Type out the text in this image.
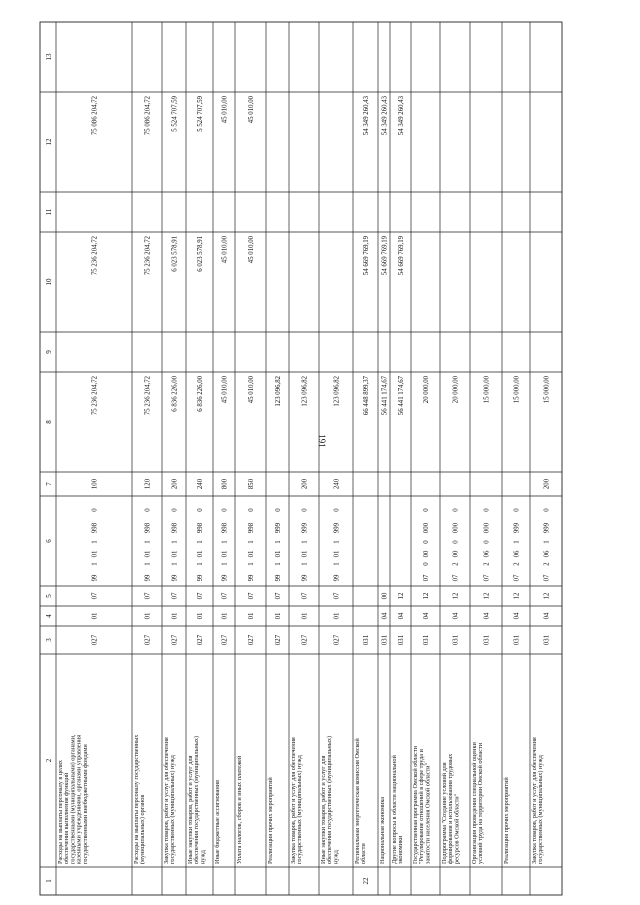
191
1
2
3
4
5
6
7
8
9
10
11
12
13
Расходы на выплаты персоналу в целях обеспечения выполнения функций государственными (муниципальными) органами, казенными учреждениями, органами управления государственными внебюджетными фондами
027
01
07
100
99
1
01
1
998
0
75 236 204,72
75 236 204,72
75 086 204,72
Расходы на выплаты персоналу государственных (муниципальных) органов
027
01
07
120
99
1
01
1
998
0
75 236 204,72
75 236 204,72
75 086 204,72
Закупка товаров, работ и услуг для обеспечения государственных (муниципальных) нужд
027
01
07
200
99
1
01
1
998
0
6 836 226,00
6 023 578,91
5 524 707,59
Иные закупки товаров, работ и услуг для обеспечения государственных (муниципальных) нужд
027
01
07
240
99
1
01
1
998
0
6 836 226,00
6 023 578,91
5 524 707,59
Иные бюджетные ассигнования
027
01
07
800
99
1
01
1
998
0
45 010,00
45 010,00
45 010,00
Уплата налогов, сборов и иных платежей
027
01
07
850
99
1
01
1
998
0
45 010,00
45 010,00
45 010,00
Реализация прочих мероприятий
027
01
07
99
1
01
1
999
0
123 096,82
Закупка товаров, работ и услуг для обеспечения государственных (муниципальных) нужд
027
01
07
200
99
1
01
1
999
0
123 096,82
Иные закупки товаров, работ и услуг для обеспечения государственных (муниципальных) нужд
027
01
07
240
99
1
01
1
999
0
123 096,82
Региональная энергетическая комиссия Омской области
22
031
66 448 899,37
54 669 769,19
54 349 260,43
Национальная экономика
031
04
00
56 441 174,67
54 669 769,19
54 349 260,43
Другие вопросы в области национальной экономики
031
04
12
56 441 174,67
54 669 769,19
54 349 260,43
Государственная программа Омской области "Регулирование отношений в сфере труда и занятости населения Омской области"
031
04
12
07
0
00
0
000
0
20 000,00
Подпрограмма "Создание условий для формирования и использования трудовых ресурсов Омской области"
031
04
12
07
2
00
0
000
0
20 000,00
Организация проведения специальной оценки условий труда на территории Омской области
031
04
12
07
2
06
0
000
0
15 000,00
Реализация прочих мероприятий
031
04
12
07
2
06
1
999
0
15 000,00
Закупка товаров, работ и услуг для обеспечения государственных (муниципальных) нужд
031
04
12
200
07
2
06
1
999
0
15 000,00
